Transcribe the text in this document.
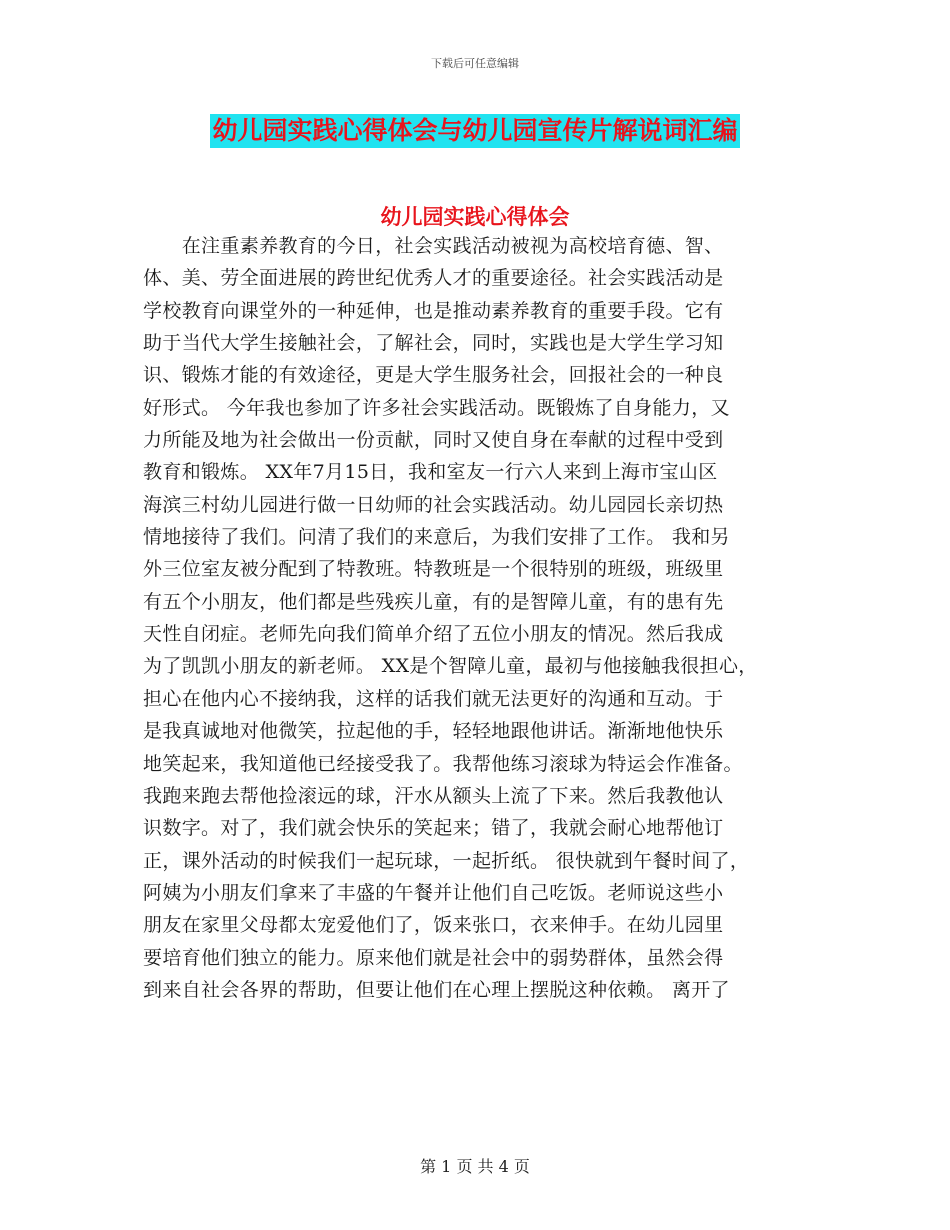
下载后可任意编辑
幼儿园实践心得体会与幼儿园宣传片解说词汇编
幼儿园实践心得体会
　　在注重素养教育的今日，社会实践活动被视为高校培育德、智、
体、美、劳全面进展的跨世纪优秀人才的重要途径。社会实践活动是
学校教育向课堂外的一种延伸，也是推动素养教育的重要手段。它有
助于当代大学生接触社会，了解社会，同时，实践也是大学生学习知
识、锻炼才能的有效途径，更是大学生服务社会，回报社会的一种良
好形式。 今年我也参加了许多社会实践活动。既锻炼了自身能力，又
力所能及地为社会做出一份贡献，同时又使自身在奉献的过程中受到
教育和锻炼。 XX年7月15日，我和室友一行六人来到上海市宝山区
海滨三村幼儿园进行做一日幼师的社会实践活动。幼儿园园长亲切热
情地接待了我们。问清了我们的来意后，为我们安排了工作。 我和另
外三位室友被分配到了特教班。特教班是一个很特别的班级，班级里
有五个小朋友，他们都是些残疾儿童，有的是智障儿童，有的患有先
天性自闭症。老师先向我们简单介绍了五位小朋友的情况。然后我成
为了凯凯小朋友的新老师。 XX是个智障儿童，最初与他接触我很担心，
担心在他内心不接纳我，这样的话我们就无法更好的沟通和互动。于
是我真诚地对他微笑，拉起他的手，轻轻地跟他讲话。渐渐地他快乐
地笑起来，我知道他已经接受我了。我帮他练习滚球为特运会作准备。
我跑来跑去帮他捡滚远的球，汗水从额头上流了下来。然后我教他认
识数字。对了，我们就会快乐的笑起来；错了，我就会耐心地帮他订
正，课外活动的时候我们一起玩球，一起折纸。 很快就到午餐时间了，
阿姨为小朋友们拿来了丰盛的午餐并让他们自己吃饭。老师说这些小
朋友在家里父母都太宠爱他们了，饭来张口，衣来伸手。在幼儿园里
要培育他们独立的能力。原来他们就是社会中的弱势群体，虽然会得
到来自社会各界的帮助，但要让他们在心理上摆脱这种依赖。 离开了
第 1 页 共 4 页
